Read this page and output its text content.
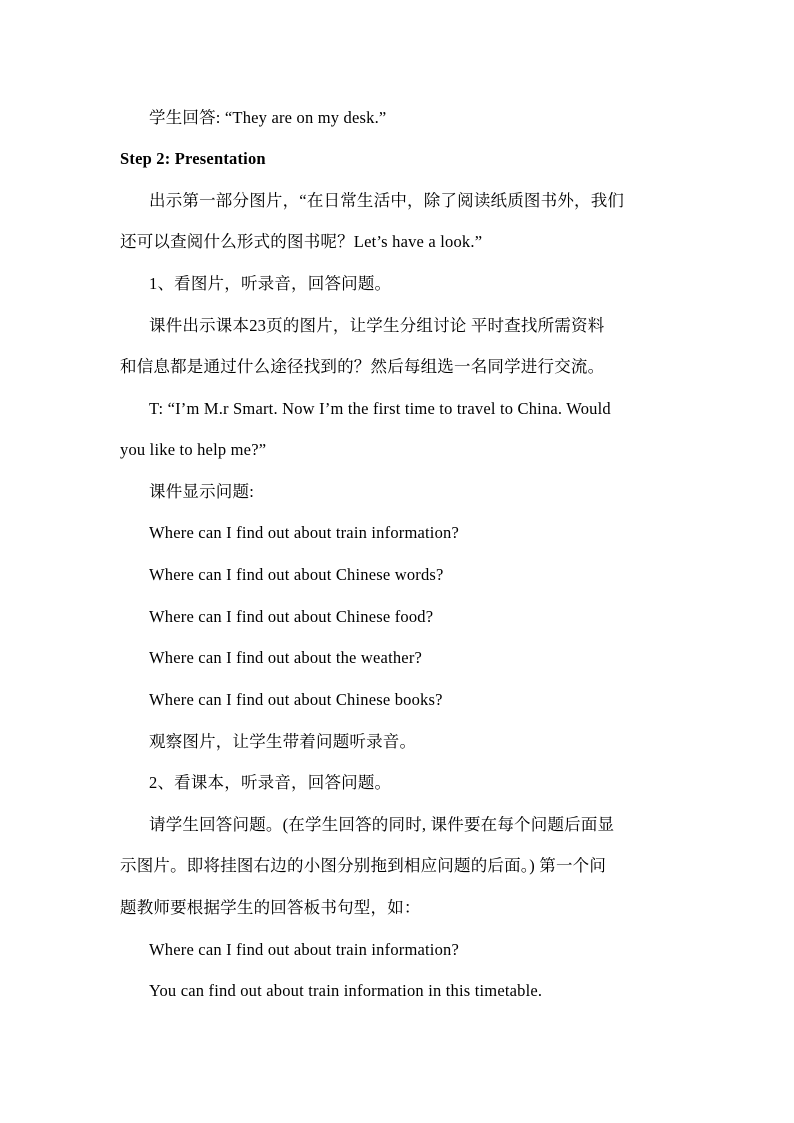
学生回答: “They are on my desk.”
Step 2: Presentation
出示第一部分图片，“在日常生活中，除了阅读纸质图书外，我们
还可以查阅什么形式的图书呢？Let’s have a look.”
1、看图片，听录音，回答问题。
课件出示课本23页的图片，让学生分组讨论 平时查找所需资料
和信息都是通过什么途径找到的？然后每组选一名同学进行交流。
T: “I’m M.r Smart. Now I’m the first time to travel to China. Would
you like to help me?”
课件显示问题:
Where can I find out about train information?
Where can I find out about Chinese words?
Where can I find out about Chinese food?
Where can I find out about the weather?
Where can I find out about Chinese books?
观察图片，让学生带着问题听录音。
2、看课本，听录音，回答问题。
请学生回答问题。(在学生回答的同时, 课件要在每个问题后面显
示图片。即将挂图右边的小图分别拖到相应问题的后面。) 第一个问
题教师要根据学生的回答板书句型，如：
Where can I find out about train information?
You can find out about train information in this timetable.
